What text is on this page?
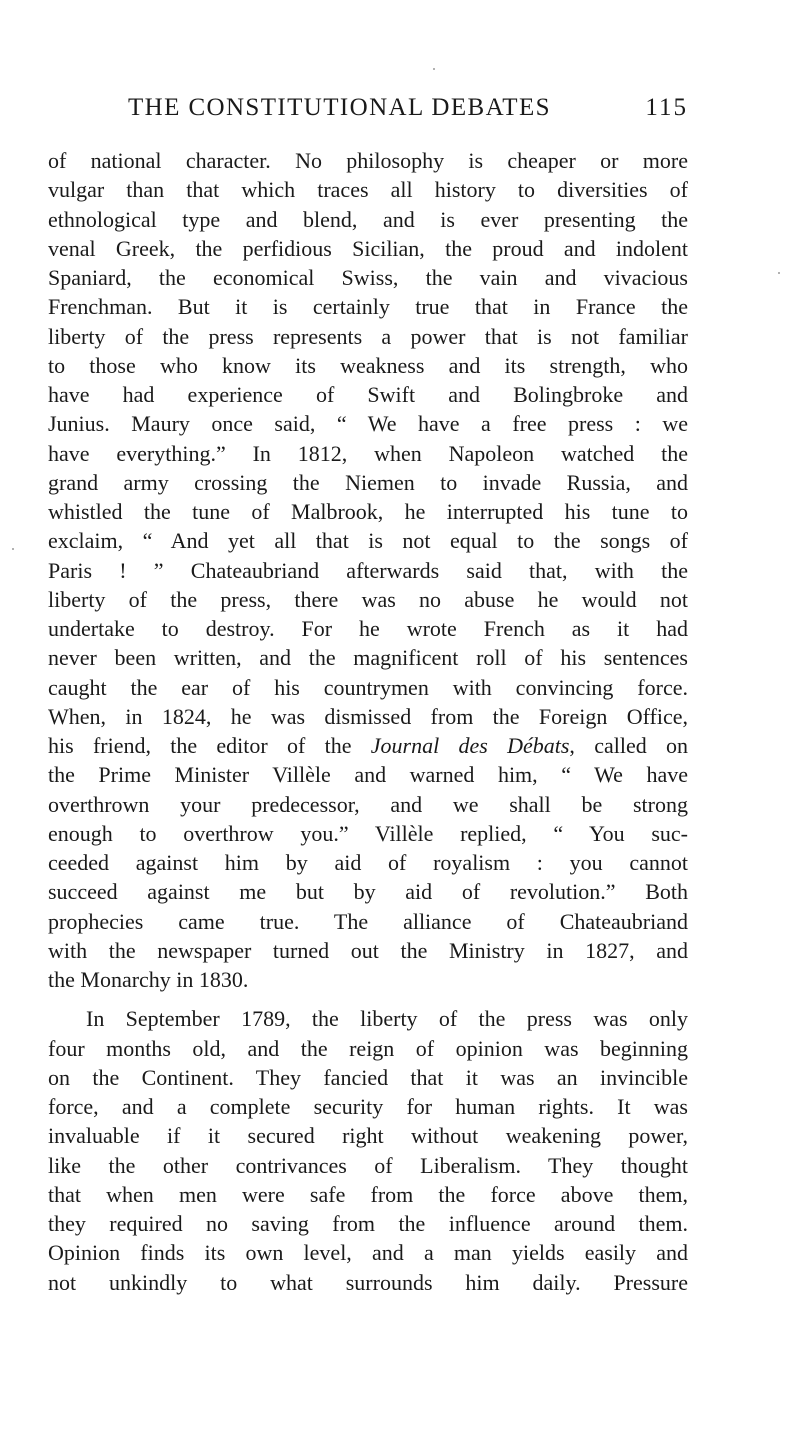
THE CONSTITUTIONAL DEBATES	115
of national character. No philosophy is cheaper or more
vulgar than that which traces all history to diversities of
ethnological type and blend, and is ever presenting the
venal Greek, the perfidious Sicilian, the proud and indolent
Spaniard, the economical Swiss, the vain and vivacious
Frenchman. But it is certainly true that in France the
liberty of the press represents a power that is not familiar
to those who know its weakness and its strength, who
have had experience of Swift and Bolingbroke and
Junius. Maury once said, “ We have a free press : we
have everything.” In 1812, when Napoleon watched the
grand army crossing the Niemen to invade Russia, and
whistled the tune of Malbrook, he interrupted his tune to
exclaim, “ And yet all that is not equal to the songs of
Paris ! ” Chateaubriand afterwards said that, with the
liberty of the press, there was no abuse he would not
undertake to destroy. For he wrote French as it had
never been written, and the magnificent roll of his sentences
caught the ear of his countrymen with convincing force.
When, in 1824, he was dismissed from the Foreign Office,
his friend, the editor of the Journal des Débats, called on
the Prime Minister Villèle and warned him, “ We have
overthrown your predecessor, and we shall be strong
enough to overthrow you.” Villèle replied, “ You suc-
ceeded against him by aid of royalism : you cannot
succeed against me but by aid of revolution.” Both
prophecies came true. The alliance of Chateaubriand
with the newspaper turned out the Ministry in 1827, and
the Monarchy in 1830.
In September 1789, the liberty of the press was only
four months old, and the reign of opinion was beginning
on the Continent. They fancied that it was an invincible
force, and a complete security for human rights. It was
invaluable if it secured right without weakening power,
like the other contrivances of Liberalism. They thought
that when men were safe from the force above them,
they required no saving from the influence around them.
Opinion finds its own level, and a man yields easily and
not unkindly to what surrounds him daily. Pressure
